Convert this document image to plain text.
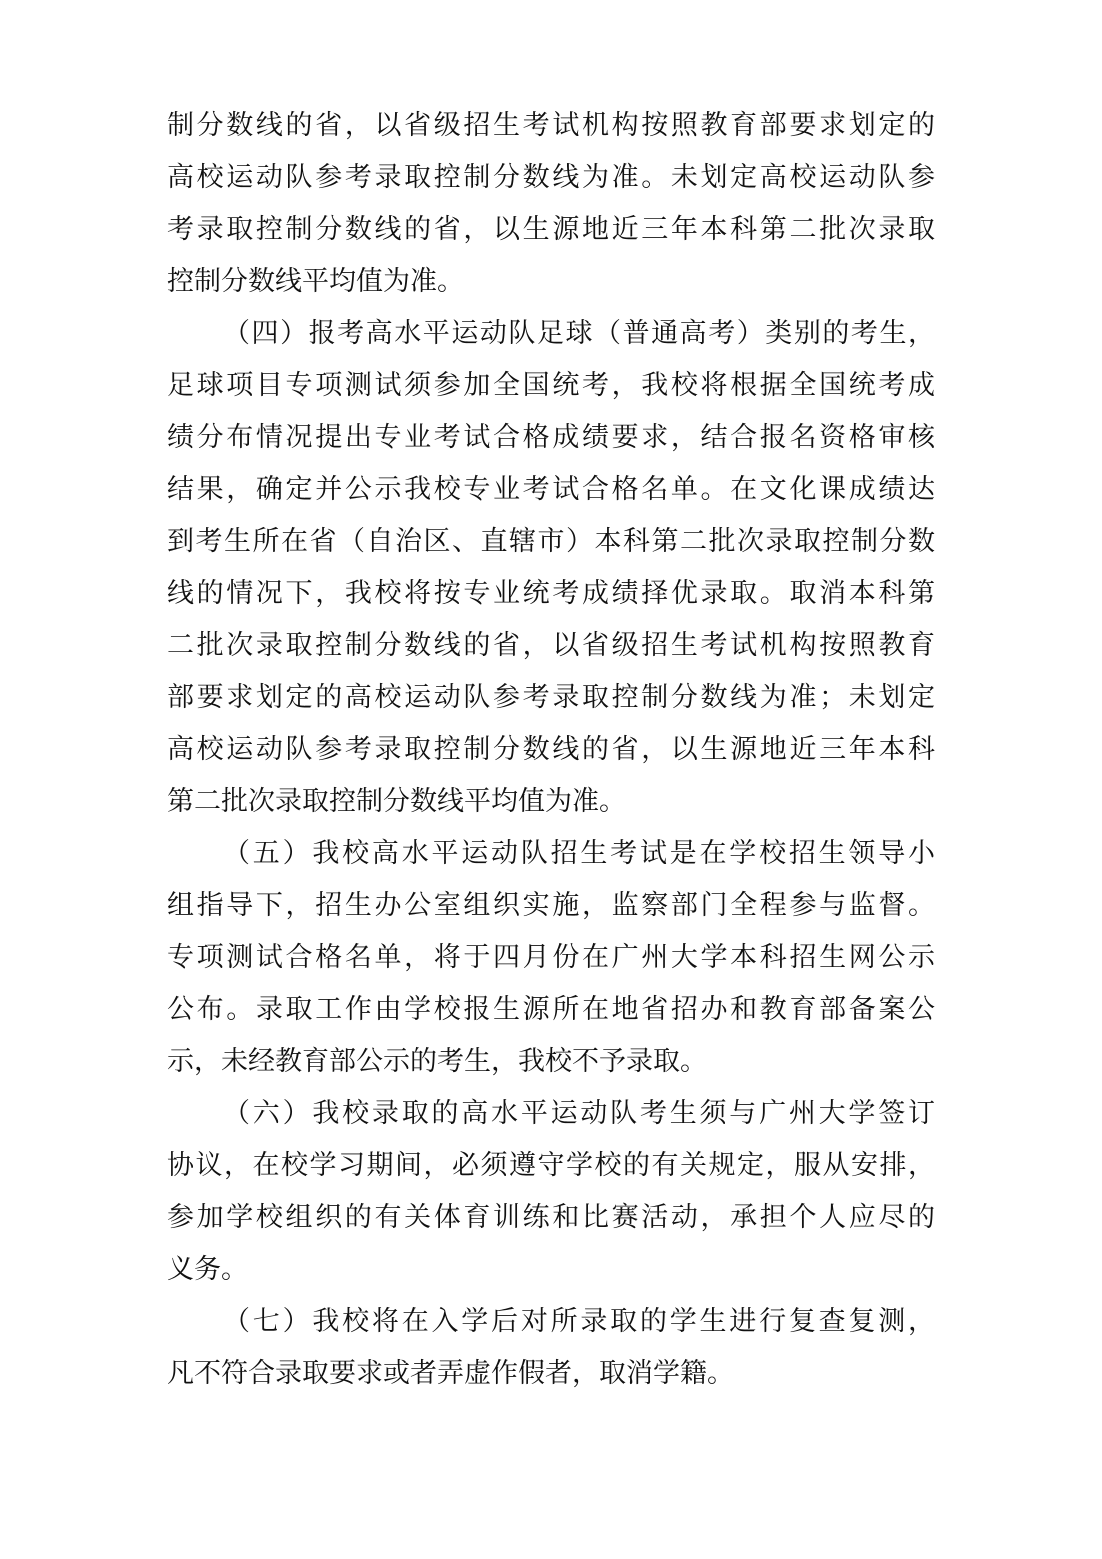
制分数线的省，以省级招生考试机构按照教育部要求划定的
高校运动队参考录取控制分数线为准。未划定高校运动队参
考录取控制分数线的省，以生源地近三年本科第二批次录取
控制分数线平均值为准。

（四）报考高水平运动队足球（普通高考）类别的考生，
足球项目专项测试须参加全国统考，我校将根据全国统考成
绩分布情况提出专业考试合格成绩要求，结合报名资格审核
结果，确定并公示我校专业考试合格名单。在文化课成绩达
到考生所在省（自治区、直辖市）本科第二批次录取控制分数
线的情况下，我校将按专业统考成绩择优录取。取消本科第
二批次录取控制分数线的省，以省级招生考试机构按照教育
部要求划定的高校运动队参考录取控制分数线为准；未划定
高校运动队参考录取控制分数线的省，以生源地近三年本科
第二批次录取控制分数线平均值为准。

（五）我校高水平运动队招生考试是在学校招生领导小
组指导下，招生办公室组织实施，监察部门全程参与监督。
专项测试合格名单，将于四月份在广州大学本科招生网公示
公布。录取工作由学校报生源所在地省招办和教育部备案公
示，未经教育部公示的考生，我校不予录取。

（六）我校录取的高水平运动队考生须与广州大学签订
协议，在校学习期间，必须遵守学校的有关规定，服从安排，
参加学校组织的有关体育训练和比赛活动，承担个人应尽的
义务。

（七）我校将在入学后对所录取的学生进行复查复测，
凡不符合录取要求或者弄虚作假者，取消学籍。
